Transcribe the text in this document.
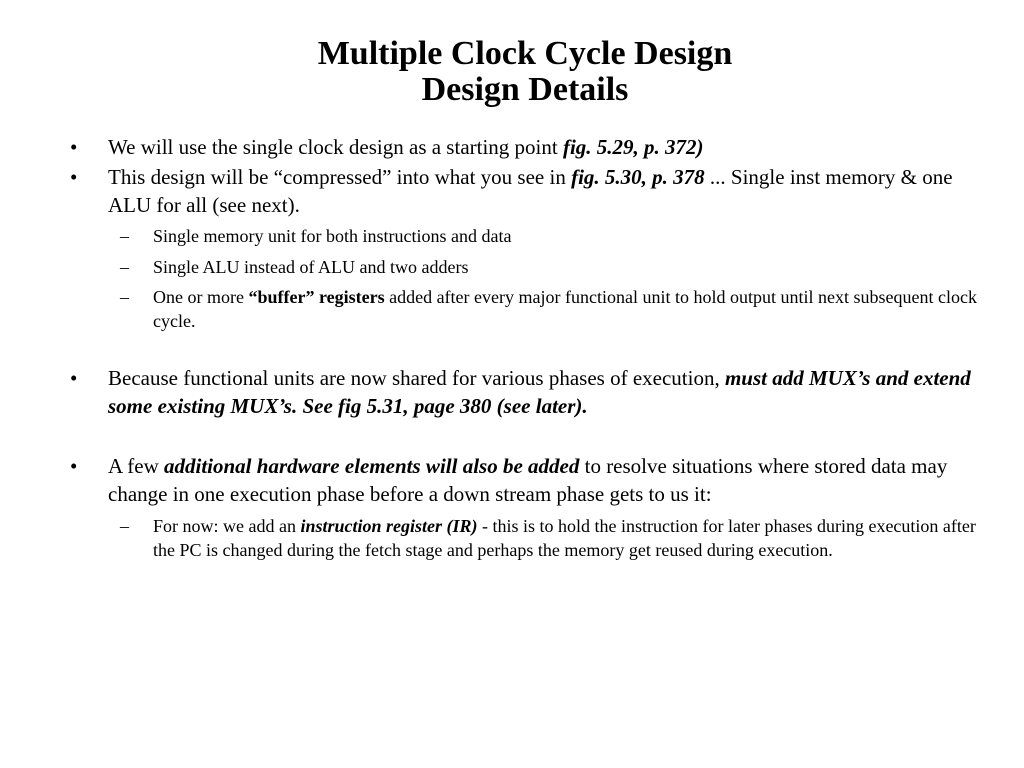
Multiple Clock Cycle Design
Design Details
• We will use the single clock design as a starting point fig. 5.29, p. 372)
• This design will be “compressed” into what you see in fig. 5.30, p. 378 ... Single inst memory & one ALU for all (see next).
– Single memory unit for both instructions and data
– Single ALU instead of ALU and two adders
– One or more “buffer” registers added after every major functional unit to hold output until next subsequent clock cycle.
• Because functional units are now shared for various phases of execution, must add MUX’s and extend some existing MUX’s. See fig 5.31, page 380 (see later).
• A few additional hardware elements will also be added to resolve situations where stored data may change in one execution phase before a down stream phase gets to us it:
– For now: we add an instruction register (IR) - this is to hold the instruction for later phases during execution after the PC is changed during the fetch stage and perhaps the memory get reused during execution.
